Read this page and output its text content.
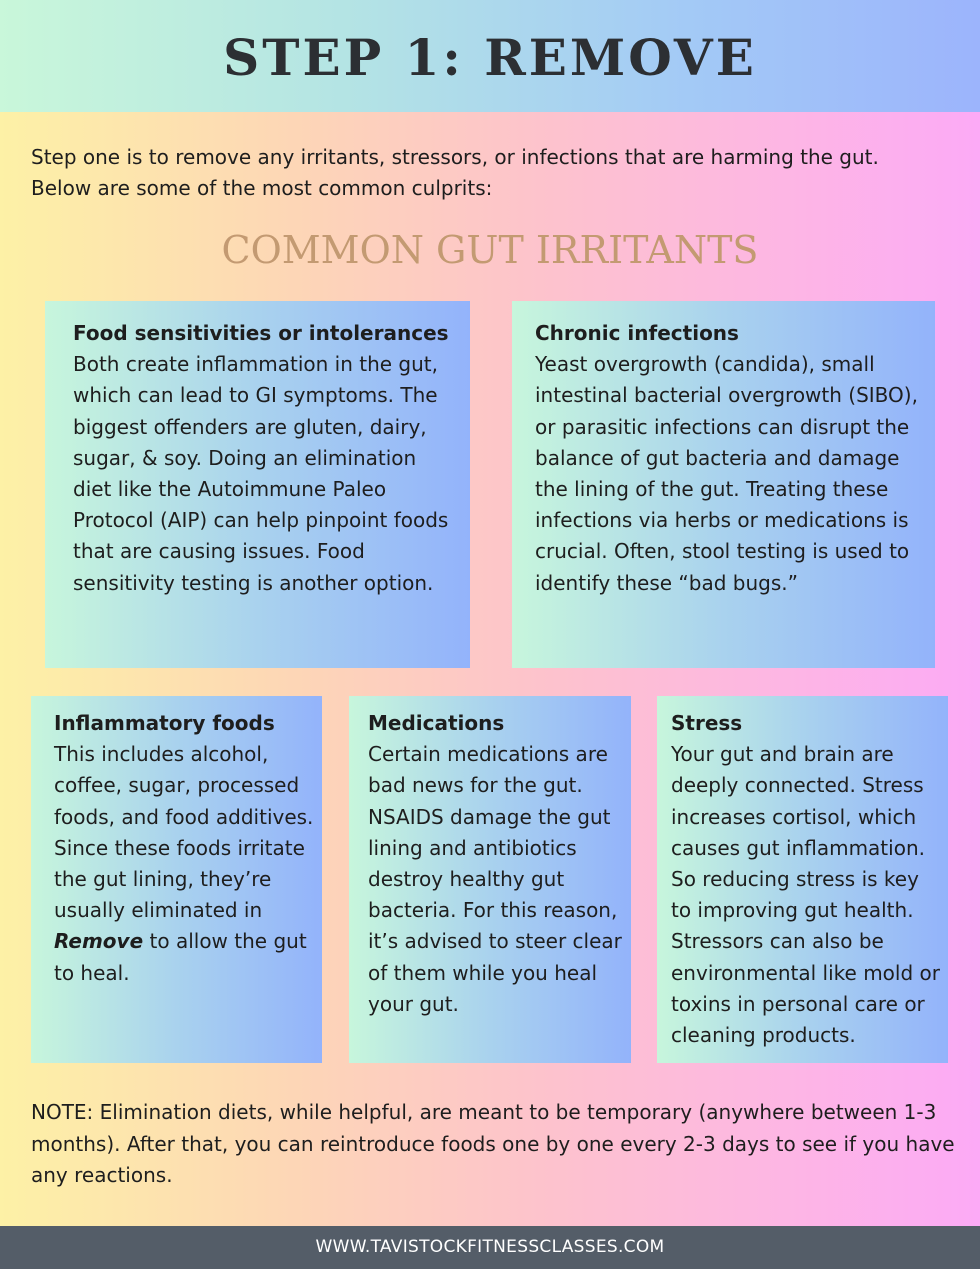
STEP 1: REMOVE
Step one is to remove any irritants, stressors, or infections that are harming the gut.
Below are some of the most common culprits:
COMMON GUT IRRITANTS
Food sensitivities or intolerances

Both create inflammation in the gut, which can lead to GI symptoms. The biggest offenders are gluten, dairy, sugar, & soy. Doing an elimination diet like the Autoimmune Paleo Protocol (AIP) can help pinpoint foods that are causing issues. Food sensitivity testing is another option.

Chronic infections

Yeast overgrowth (candida), small intestinal bacterial overgrowth (SIBO), or parasitic infections can disrupt the balance of gut bacteria and damage the lining of the gut. Treating these infections via herbs or medications is crucial. Often, stool testing is used to identify these “bad bugs.”

Inflammatory foods

This includes alcohol, coffee, sugar, processed foods, and food additives. Since these foods irritate the gut lining, they’re usually eliminated in Remove to allow the gut to heal.

Medications

Certain medications are bad news for the gut. NSAIDS damage the gut lining and antibiotics destroy healthy gut bacteria. For this reason, it’s advised to steer clear of them while you heal your gut.

Stress

Your gut and brain are deeply connected. Stress increases cortisol, which causes gut inflammation. So reducing stress is key to improving gut health. Stressors can also be environmental like mold or toxins in personal care or cleaning products.

NOTE: Elimination diets, while helpful, are meant to be temporary (anywhere between 1-3 months). After that, you can reintroduce foods one by one every 2-3 days to see if you have any reactions.
WWW.TAVISTOCKFITNESSCLASSES.COM
